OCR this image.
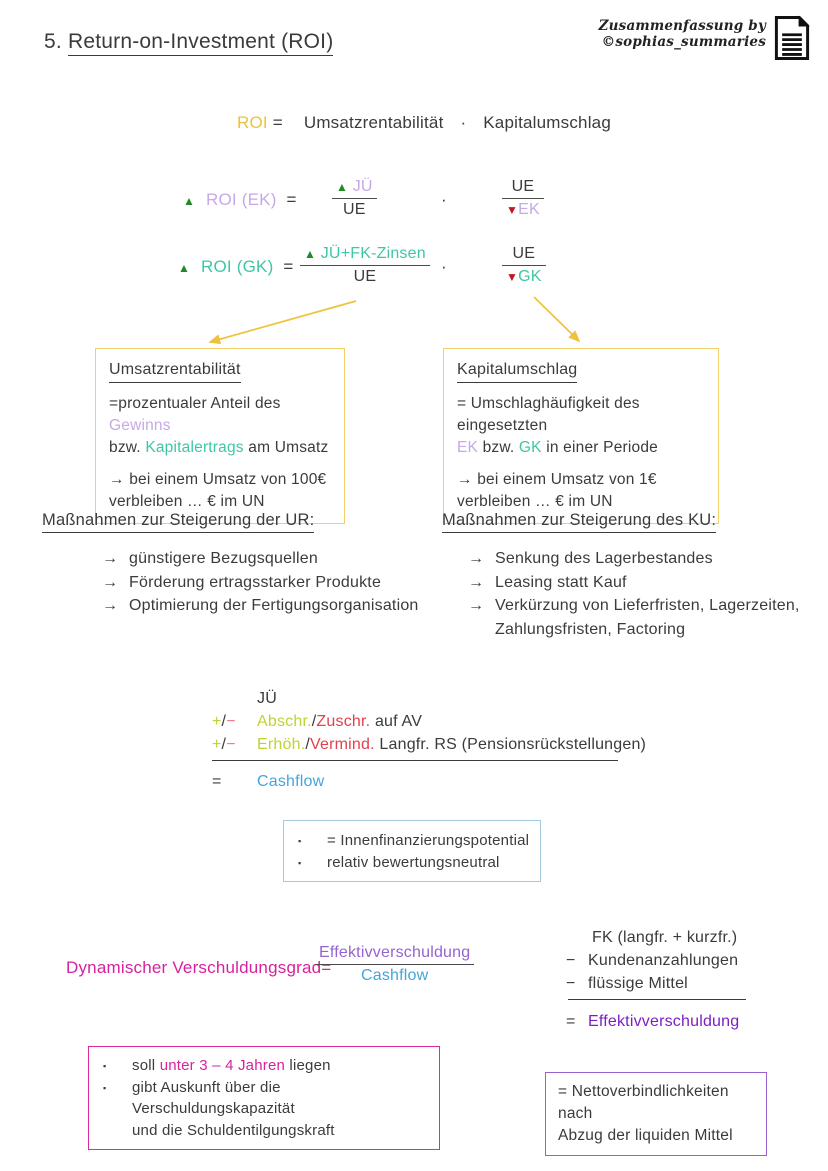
5. Return-on-Investment (ROI)
Zusammenfassung by
©sophias_summaries
ROI = Umsatzrentabilität · Kapitalumschlag
▲ ROI (EK) =
▲ JÜ
UE
·
UE
▼EK
▲ ROI (GK) =
▲ JÜ+FK-Zinsen
UE
·
UE
▼GK
Umsatzrentabilität

=prozentualer Anteil des Gewinns
bzw. Kapitalertrags am Umsatz

→ bei einem Umsatz von 100€
verbleiben … € im UN

Kapitalumschlag

= Umschlaghäufigkeit des eingesetzten
EK bzw. GK in einer Periode

→ bei einem Umsatz von 1€
verbleiben … € im UN

Maßnahmen zur Steigerung der UR:
→ günstigere Bezugsquellen
→ Förderung ertragsstarker Produkte
→ Optimierung der Fertigungsorganisation
Maßnahmen zur Steigerung des KU:
→ Senkung des Lagerbestandes
→ Leasing statt Kauf
→ Verkürzung von Lieferfristen, Lagerzeiten, Zahlungsfristen, Factoring
JÜ
+/−	Abschr./Zuschr. auf AV
+/−	Erhöh./Vermind. Langfr. RS (Pensionsrückstellungen)
=	Cashflow
▪	= Innenfinanzierungspotential
▪	relativ bewertungsneutral
Dynamischer Verschuldungsgrad=
Effektivverschuldung
Cashflow
FK (langfr. + kurzfr.)
− Kundenanzahlungen
− flüssige Mittel
= Effektivverschuldung
▪	soll unter 3 – 4 Jahren liegen
▪	gibt Auskunft über die Verschuldungskapazität
und die Schuldentilgungskraft
= Nettoverbindlichkeiten nach
Abzug der liquiden Mittel
